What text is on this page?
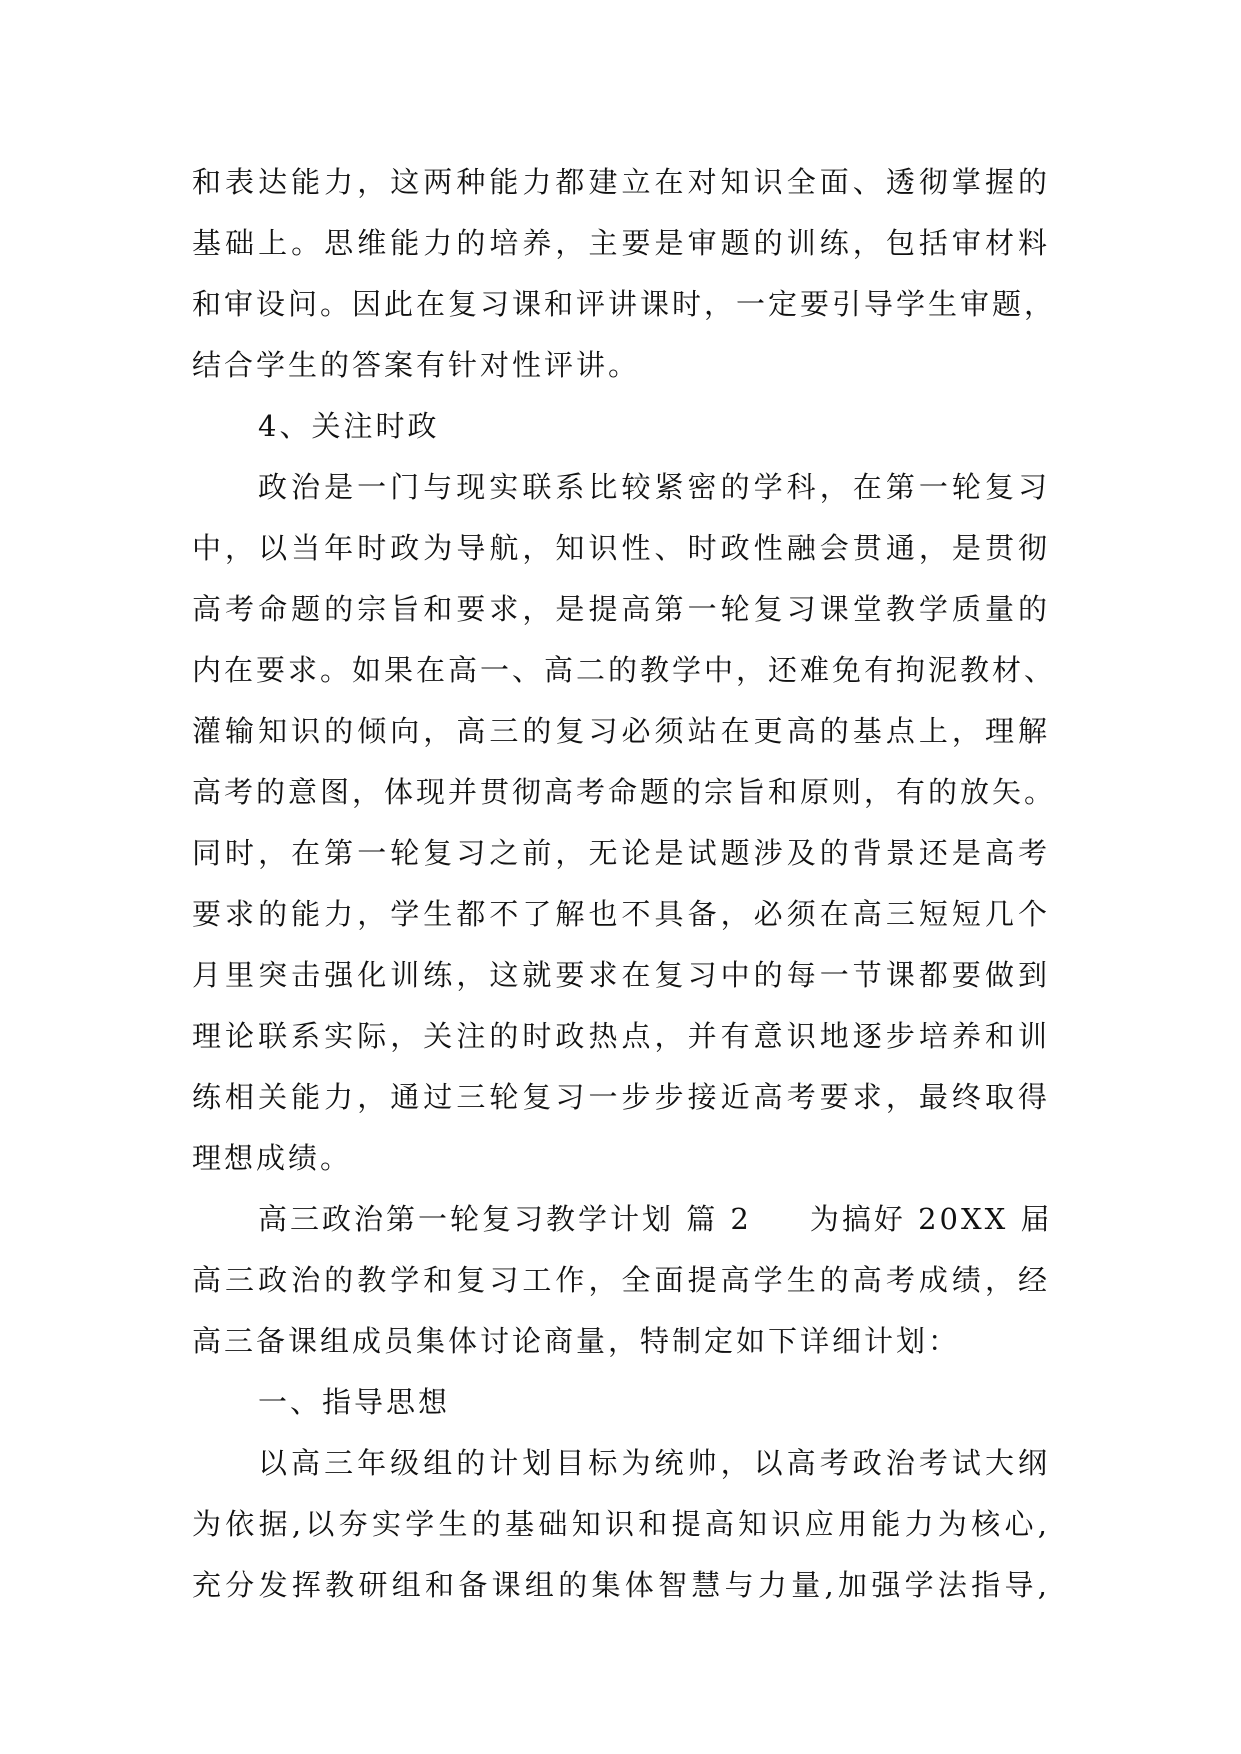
和表达能力，这两种能力都建立在对知识全面、透彻掌握的
基础上。思维能力的培养，主要是审题的训练，包括审材料
和审设问。因此在复习课和评讲课时，一定要引导学生审题，
结合学生的答案有针对性评讲。
4、关注时政
政治是一门与现实联系比较紧密的学科，在第一轮复习
中，以当年时政为导航，知识性、时政性融会贯通，是贯彻
高考命题的宗旨和要求，是提高第一轮复习课堂教学质量的
内在要求。如果在高一、高二的教学中，还难免有拘泥教材、
灌输知识的倾向，高三的复习必须站在更高的基点上，理解
高考的意图，体现并贯彻高考命题的宗旨和原则，有的放矢。
同时，在第一轮复习之前，无论是试题涉及的背景还是高考
要求的能力，学生都不了解也不具备，必须在高三短短几个
月里突击强化训练，这就要求在复习中的每一节课都要做到
理论联系实际，关注的时政热点，并有意识地逐步培养和训
练相关能力，通过三轮复习一步步接近高考要求，最终取得
理想成绩。
高三政治第一轮复习教学计划 篇 2 为搞好 20XX 届
高三政治的教学和复习工作，全面提高学生的高考成绩，经
高三备课组成员集体讨论商量，特制定如下详细计划：
一、指导思想
以高三年级组的计划目标为统帅，以高考政治考试大纲
为依据,以夯实学生的基础知识和提高知识应用能力为核心,
充分发挥教研组和备课组的集体智慧与力量,加强学法指导,
